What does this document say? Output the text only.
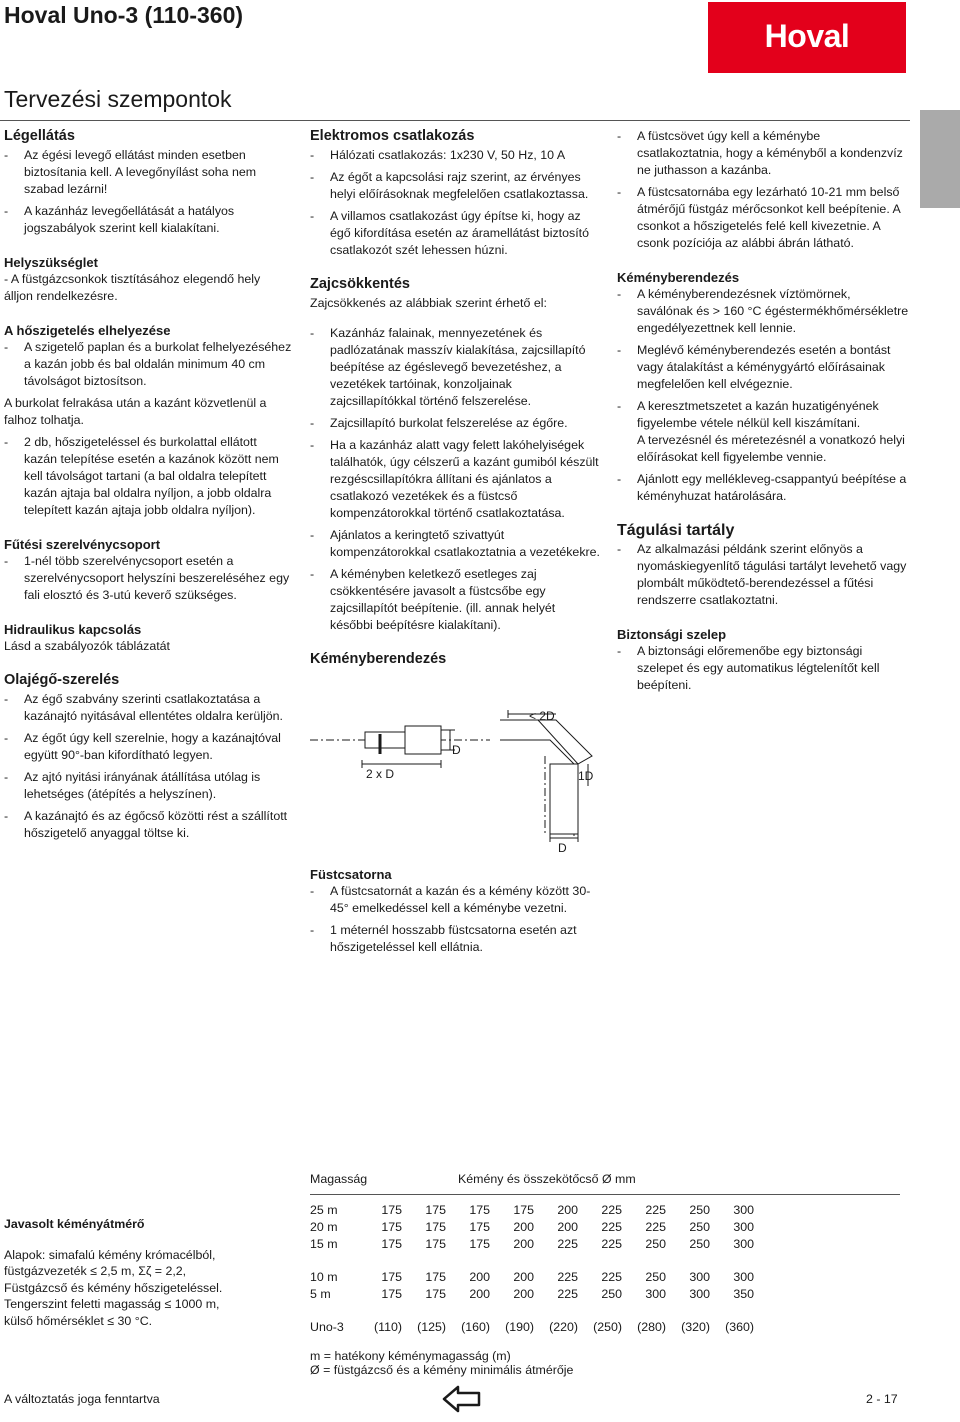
Hoval Uno-3 (110-360)
Hoval
Tervezési szempontok
Légellátás
- Az égési levegő ellátást minden esetben biztosítania kell. A levegőnyílást soha nem szabad lezárni!
- A kazánház levegőellátását a hatályos jogszabályok szerint kell kialakítani.
Helyszükséglet

- A füstgázcsonkok tisztításához elegendő hely álljon rendelkezésre.

A hőszigetelés elhelyezése
- A szigetelő paplan és a burkolat felhelyezéséhez a kazán jobb és bal oldalán minimum 40 cm távolságot biztosítson.

A burkolat felrakása után a kazánt közvetlenül a falhoz tolhatja.

- 2 db, hőszigeteléssel és burkolattal ellátott kazán telepítése esetén a kazánok között nem kell távolságot tartani (a bal oldalra telepített kazán ajtaja bal oldalra nyíljon, a jobb oldalra telepített kazán ajtaja jobb oldalra nyíljon).
Fűtési szerelvénycsoport
- 1-nél több szerelvénycsoport esetén a szerelvénycsoport helyszíni beszereléséhez egy fali elosztó és 3-utú keverő szükséges.
Hidraulikus kapcsolás

Lásd a szabályozók táblázatát

Olajégő-szerelés
- Az égő szabvány szerinti csatlakoztatása a kazánajtó nyitásával ellentétes oldalra kerüljön.
- Az égőt úgy kell szerelnie, hogy a kazánajtóval együtt 90°-ban kifordítható legyen.
- Az ajtó nyitási irányának átállítása utólag is lehetséges (átépítés a helyszínen).
- A kazánajtó és az égőcső közötti rést a szállított hőszigetelő anyaggal töltse ki.
Elektromos csatlakozás
- Hálózati csatlakozás: 1x230 V, 50 Hz, 10 A
- Az égőt a kapcsolási rajz szerint, az érvényes helyi előírásoknak megfelelően csatlakoztassa.
- A villamos csatlakozást úgy építse ki, hogy az égő kifordítása esetén az áramellátást biztosító csatlakozót szét lehessen húzni.
Zajcsökkentés

Zajcsökkenés az alábbiak szerint érhető el:

- Kazánház falainak, mennyezetének és padlózatának masszív kialakítása, zajcsillapító beépítése az égéslevegő bevezetéshez, a vezetékek tartóinak, konzoljainak zajcsillapítókkal történő felszerelése.
- Zajcsillapító burkolat felszerelése az égőre.
- Ha a kazánház alatt vagy felett lakóhelyiségek találhatók, úgy célszerű a kazánt gumiból készült rezgéscsillapítókra állítani és ajánlatos a csatlakozó vezetékek és a füstcső kompenzátorokkal történő csatlakoztatása.
- Ajánlatos a keringtető szivattyút kompenzátorokkal csatlakoztatnia a vezetékekre.
- A kéményben keletkező esetleges zaj csökkentésére javasolt a füstcsőbe egy zajcsillapítót beépítenie. (ill. annak helyét későbbi beépítésre kialakítani).
Kéményberendezés
< 2D
D
2 x D	1D
D
Füstcsatorna
- A füstcsatornát a kazán és a kémény között 30-45° emelkedéssel kell a kéménybe vezetni.
- 1 méternél hosszabb füstcsatorna esetén azt hőszigeteléssel kell ellátnia.
- A füstcsövet úgy kell a kéménybe csatlakoztatnia, hogy a kéményből a kondenzvíz ne juthasson a kazánba.
- A füstcsatornába egy lezárható 10-21 mm belső átmérőjű füstgáz mérőcsonkot kell beépítenie. A csonkot a hőszigetelés felé kell kivezetnie. A csonk pozíciója az alábbi ábrán látható.
Kéményberendezés
- A kéményberendezésnek víztömörnek, saválónak és > 160 °C égéstermékhőmérsékletre engedélyezettnek kell lennie.
- Meglévő kéményberendezés esetén a bontást vagy átalakítást a kéménygyártó előírásainak megfelelően kell elvégeznie.
- A keresztmetszetet a kazán huzatigényének figyelembe vétele nélkül kell kiszámítani.

A tervezésnél és méretezésnél a vonatkozó helyi előírásokat kell figyelembe vennie.

- Ajánlott egy mellékleveg-csappantyú beépítése a kéményhuzat határolására.
Tágulási tartály
- Az alkalmazási példánk szerint előnyös a nyomáskiegyenlítő tágulási tartályt levehető vagy plombált működtető-berendezéssel a fűtési rendszerre csatlakoztatni.
Biztonsági szelep
- A biztonsági előremenőbe egy biztonsági szelepet és egy automatikus légtelenítőt kell beépíteni.
Javasolt kéményátmérő
Alapok: simafalú kémény krómacélból,
füstgázvezeték ≤ 2,5 m, Σζ = 2,2,
Füstgázcső és kémény hőszigeteléssel.
Tengerszint feletti magasság ≤ 1000 m,
külső hőmérséklet ≤ 30 °C.
Magasság	Kémény és összekötőcső Ø mm
25 m	175	175	175	175	200	225	225	250	300
20 m	175	175	175	200	200	225	225	250	300
15 m	175	175	175	200	225	225	250	250	300

10 m	175	175	200	200	225	225	250	300	300
5 m	175	175	200	200	225	250	300	300	350

Uno-3	(110)	(125)	(160)	(190)	(220)	(250)	(280)	(320)	(360)
m = hatékony kéménymagasság (m)
Ø = füstgázcső és a kémény minimális átmérője
A változtatás joga fenntartva	2 - 17
